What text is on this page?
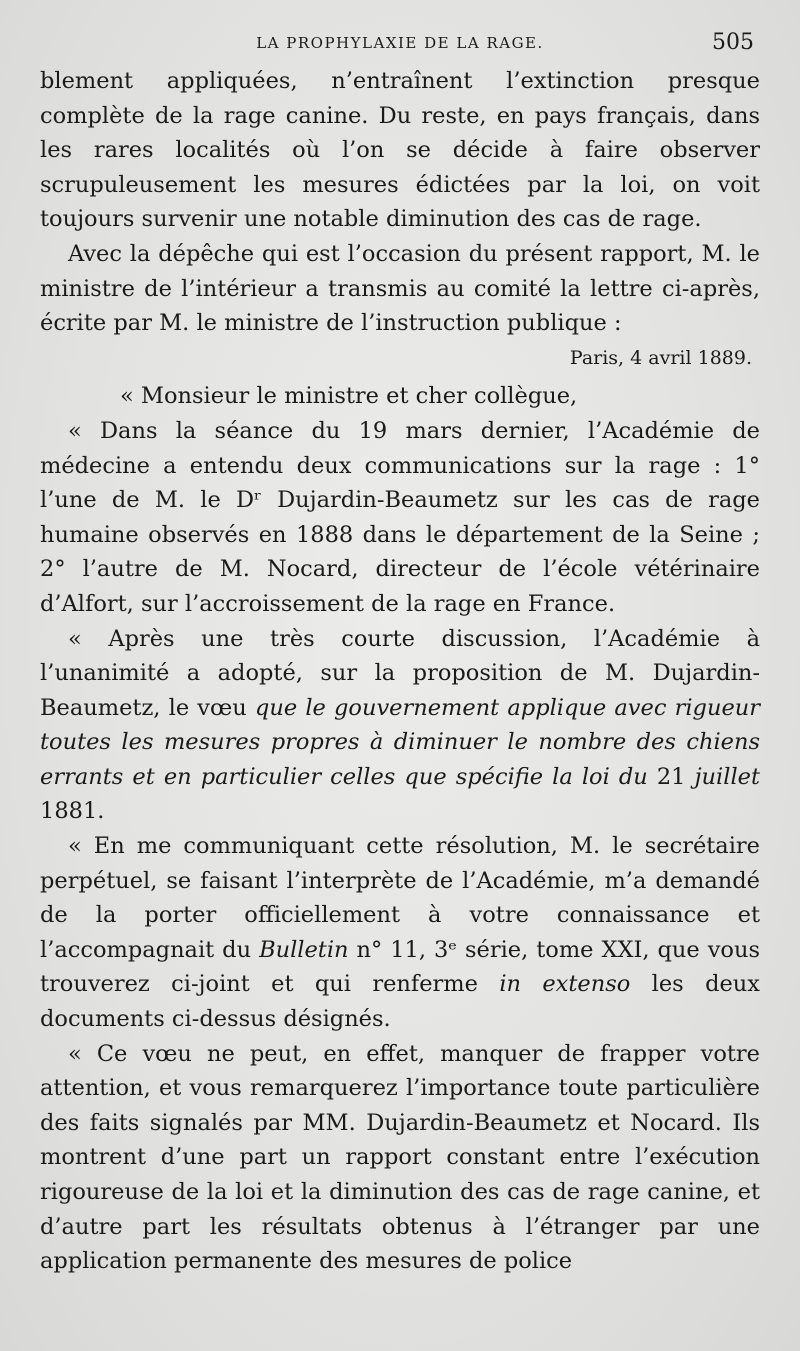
LA PROPHYLAXIE DE LA RAGE.	505

blement appliquées, n’entraînent l’extinction presque complète de la rage canine. Du reste, en pays français, dans les rares localités où l’on se décide à faire observer scrupuleusement les mesures édictées par la loi, on voit toujours survenir une notable diminution des cas de rage.

Avec la dépêche qui est l’occasion du présent rapport, M. le ministre de l’intérieur a transmis au comité la lettre ci-après, écrite par M. le ministre de l’instruction publique :

Paris, 4 avril 1889.

« Monsieur le ministre et cher collègue,

« Dans la séance du 19 mars dernier, l’Académie de médecine a entendu deux communications sur la rage : 1° l’une de M. le Dʳ Dujardin-Beaumetz sur les cas de rage humaine observés en 1888 dans le département de la Seine ; 2° l’autre de M. Nocard, directeur de l’école vétérinaire d’Alfort, sur l’accroissement de la rage en France.

« Après une très courte discussion, l’Académie à l’unanimité a adopté, sur la proposition de M. Dujardin-Beaumetz, le vœu que le gouvernement applique avec rigueur toutes les mesures propres à diminuer le nombre des chiens errants et en particulier celles que spécifie la loi du 21 juillet 1881.

« En me communiquant cette résolution, M. le secrétaire perpétuel, se faisant l’interprète de l’Académie, m’a demandé de la porter officiellement à votre connaissance et l’accompagnait du Bulletin n° 11, 3ᵉ série, tome XXI, que vous trouverez ci-joint et qui renferme in extenso les deux documents ci-dessus désignés.

« Ce vœu ne peut, en effet, manquer de frapper votre attention, et vous remarquerez l’importance toute particulière des faits signalés par MM. Dujardin-Beaumetz et Nocard. Ils montrent d’une part un rapport constant entre l’exécution rigoureuse de la loi et la diminution des cas de rage canine, et d’autre part les résultats obtenus à l’étranger par une application permanente des mesures de police
